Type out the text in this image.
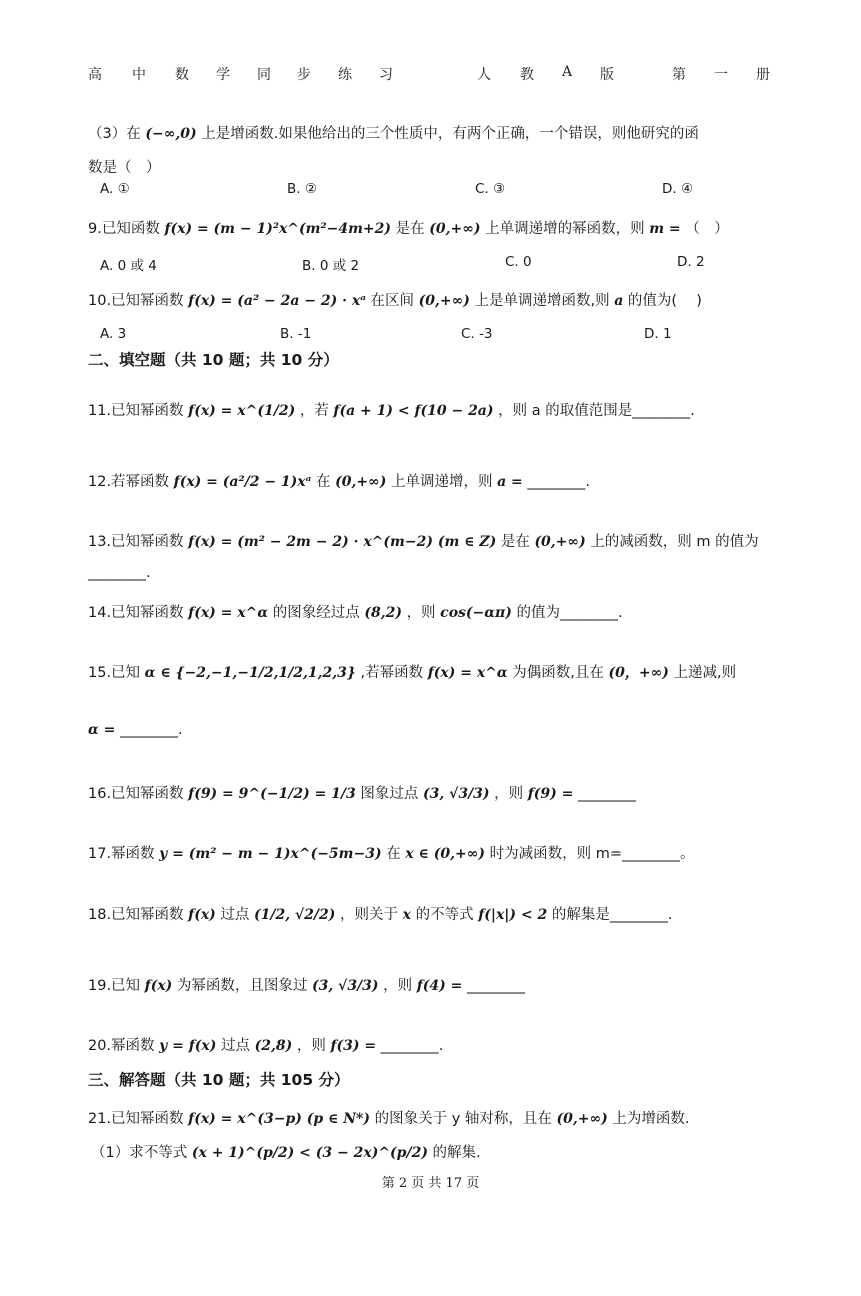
高 中 数 学 同 步 练 习	人 教 A 版	第 一 册
（3）在 (−∞,0) 上是增函数.如果他给出的三个性质中，有两个正确，一个错误，则他研究的函
数是（　）
A. ①	B. ②	C. ③	D. ④
9.已知函数 f(x) = (m − 1)²x^(m²−4m+2) 是在 (0,+∞) 上单调递增的幂函数，则 m = （　）
A. 0 或 4	B. 0 或 2	C. 0	D. 2
10.已知幂函数 f(x) = (a² − 2a − 2) · xᵃ 在区间 (0,+∞) 上是单调递增函数,则 a 的值为(　 )
A. 3	B. -1	C. -3	D. 1
二、填空题（共 10 题；共 10 分）
11.已知幂函数 f(x) = x^(1/2) ，若 f(a + 1) < f(10 − 2a) ，则 a 的取值范围是________.
12.若幂函数 f(x) = (a²/2 − 1)xᵃ 在 (0,+∞) 上单调递增，则 a = ________.
13.已知幂函数 f(x) = (m² − 2m − 2) · x^(m−2) (m ∈ Z) 是在 (0,+∞) 上的减函数，则 m 的值为
________.
14.已知幂函数 f(x) = x^α 的图象经过点 (8,2) ，则 cos(−απ) 的值为________.
15.已知 α ∈ {−2,−1,−1/2,1/2,1,2,3} ,若幂函数 f(x) = x^α 为偶函数,且在 (0，+∞) 上递减,则
α = ________.
16.已知幂函数 f(9) = 9^(−1/2) = 1/3 图象过点 (3, √3/3) ，则 f(9) = ________
17.幂函数 y = (m² − m − 1)x^(−5m−3) 在 x ∈ (0,+∞) 时为减函数，则 m=________。
18.已知幂函数 f(x) 过点 (1/2, √2/2) ，则关于 x 的不等式 f(|x|) < 2 的解集是________.
19.已知 f(x) 为幂函数，且图象过 (3, √3/3) ，则 f(4) = ________
20.幂函数 y = f(x) 过点 (2,8) ，则 f(3) = ________.
三、解答题（共 10 题；共 105 分）
21.已知幂函数 f(x) = x^(3−p) (p ∈ N*) 的图象关于 y 轴对称，且在 (0,+∞) 上为增函数.
（1）求不等式 (x + 1)^(p/2) < (3 − 2x)^(p/2) 的解集.
第 2 页 共 17 页
